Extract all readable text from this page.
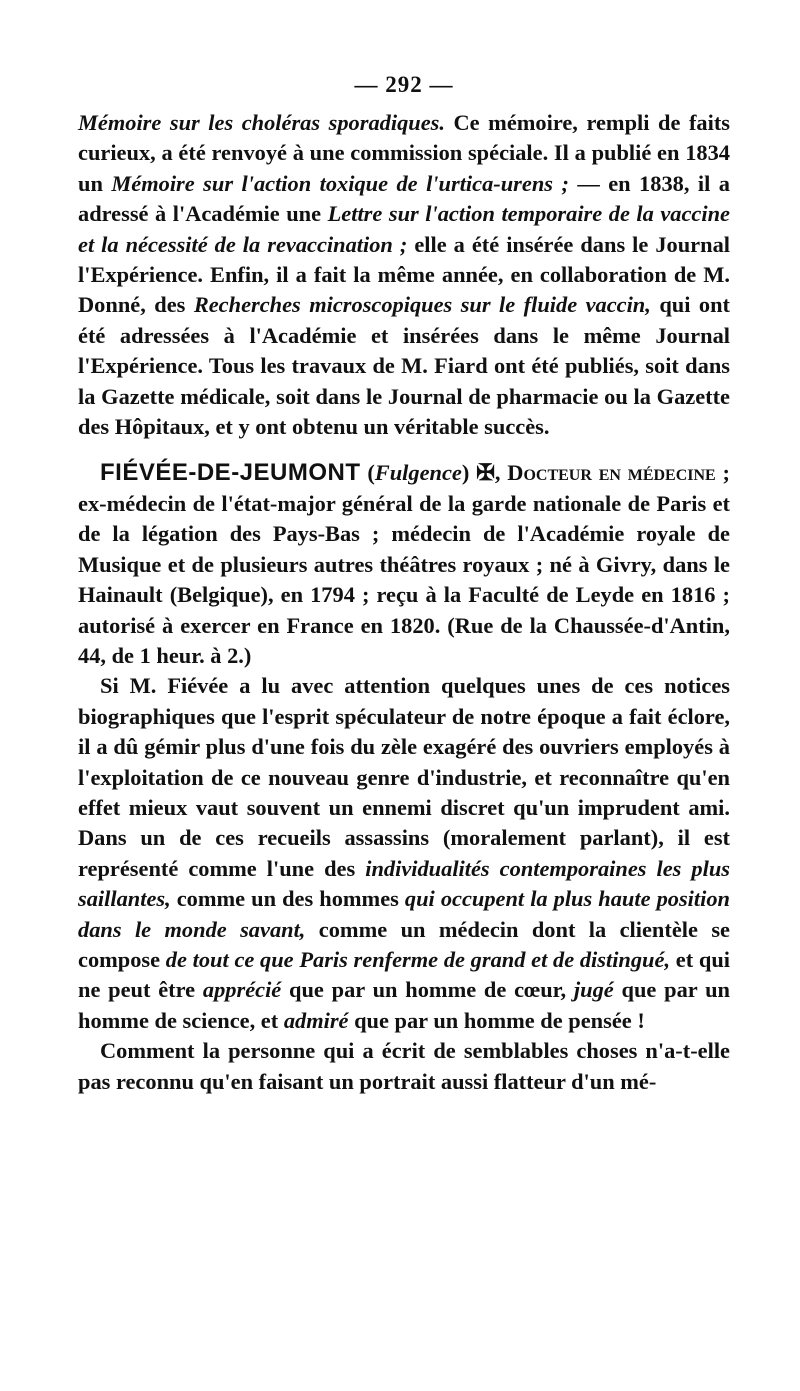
— 292 —

Mémoire sur les choléras sporadiques. Ce mémoire, rempli de faits curieux, a été renvoyé à une commission spéciale. Il a publié en 1834 un Mémoire sur l'action toxique de l'urtica-urens ; — en 1838, il a adressé à l'Académie une Lettre sur l'action temporaire de la vaccine et la nécessité de la revaccination ; elle a été insérée dans le Journal l'Expérience. Enfin, il a fait la même année, en collaboration de M. Donné, des Recherches microscopiques sur le fluide vaccin, qui ont été adressées à l'Académie et insérées dans le même Journal l'Expérience. Tous les travaux de M. Fiard ont été publiés, soit dans la Gazette médicale, soit dans le Journal de pharmacie ou la Gazette des Hôpitaux, et y ont obtenu un véritable succès.

FIÉVÉE-DE-JEUMONT (Fulgence) ✠, Docteur en médecine ; ex-médecin de l'état-major général de la garde nationale de Paris et de la légation des Pays-Bas ; médecin de l'Académie royale de Musique et de plusieurs autres théâtres royaux ; né à Givry, dans le Hainault (Belgique), en 1794 ; reçu à la Faculté de Leyde en 1816 ; autorisé à exercer en France en 1820. (Rue de la Chaussée-d'Antin, 44, de 1 heur. à 2.)

Si M. Fiévée a lu avec attention quelques unes de ces notices biographiques que l'esprit spéculateur de notre époque a fait éclore, il a dû gémir plus d'une fois du zèle exagéré des ouvriers employés à l'exploitation de ce nouveau genre d'industrie, et reconnaître qu'en effet mieux vaut souvent un ennemi discret qu'un imprudent ami. Dans un de ces recueils assassins (moralement parlant), il est représenté comme l'une des individualités contemporaines les plus saillantes, comme un des hommes qui occupent la plus haute position dans le monde savant, comme un médecin dont la clientèle se compose de tout ce que Paris renferme de grand et de distingué, et qui ne peut être apprécié que par un homme de cœur, jugé que par un homme de science, et admiré que par un homme de pensée !

Comment la personne qui a écrit de semblables choses n'a-t-elle pas reconnu qu'en faisant un portrait aussi flatteur d'un mé-
